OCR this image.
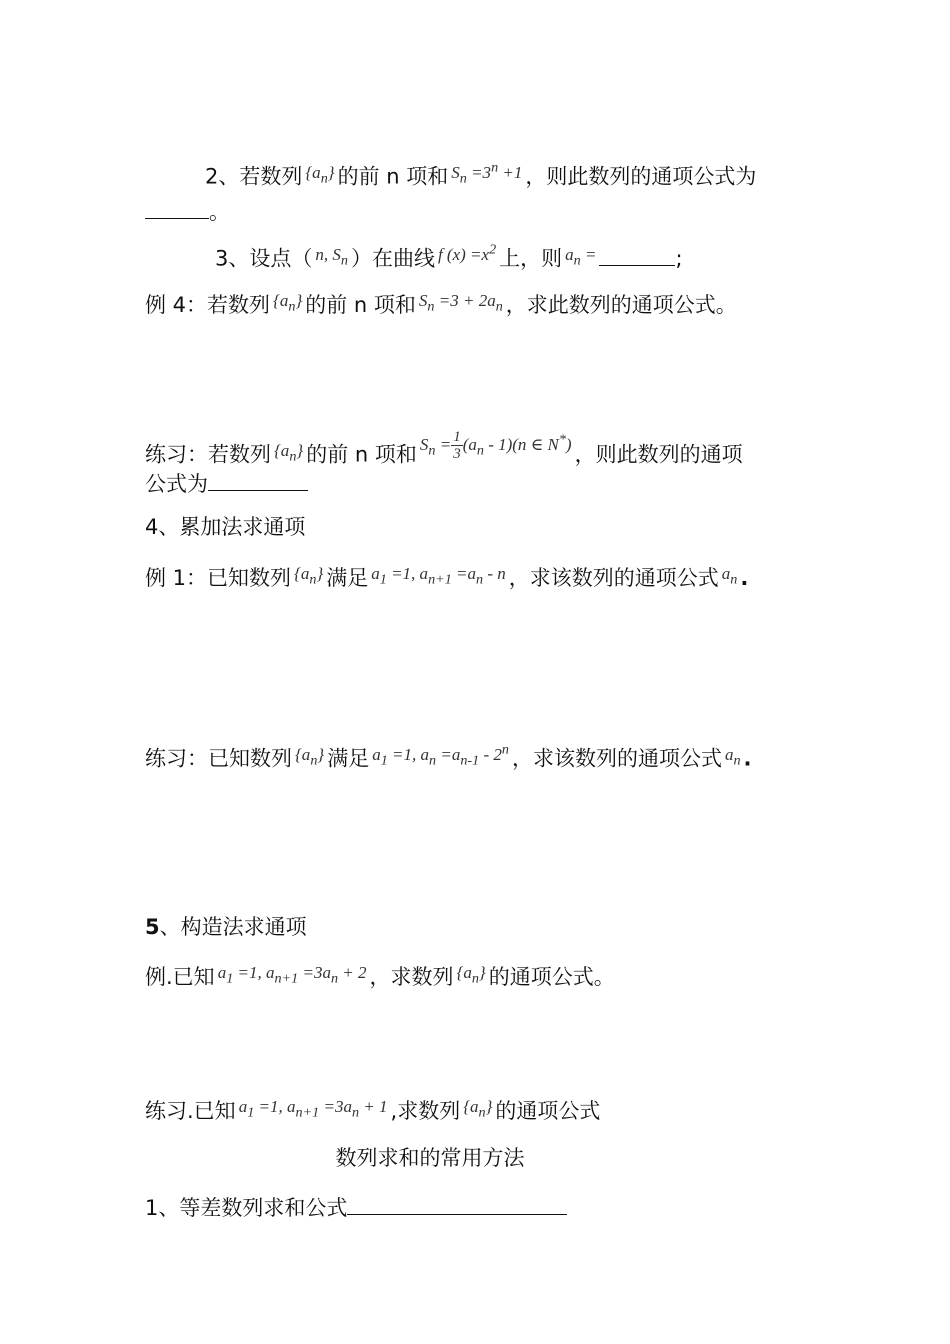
2、若数列 $^{\{a_n\}}$ 的前 n 项和 $^{S_n =3^n +1}$ ，则此数列的通项公式为
。
3、设点（ $^{n, S_n}$ ）在曲线 $^{f (x) =x^2}$ 上，则 $^{a_n =}$	;
例 4：若数列 $^{\{a_n\}}$ 的前 n 项和 $^{S_n =3 + 2a_n}$ ，求此数列的通项公式。
练习：若数列 $^{\{a_n\}}$ 的前 n 项和 $^{S_n =\frac{1}{3}(a_n - 1)(n \in N^*)}$ ，则此数列的通项
公式为
4、累加法求通项
例 1：已知数列 $^{\{a_n\}}$ 满足 $^{a_1 =1, a_{n+1} =a_n - n}$ ，求该数列的通项公式 $^{a_n}$ .
练习：已知数列 $^{\{a_n\}}$ 满足 $^{a_1 =1, a_n =a_{n-1} - 2^n}$ ，求该数列的通项公式 $^{a_n}$ .
5、构造法求通项
例.已知 $^{a_1 =1, a_{n+1} =3a_n + 2}$ ，求数列 $^{\{a_n\}}$ 的通项公式。
练习.已知 $^{a_1 =1, a_{n+1} =3a_n + 1}$ ,求数列 $^{\{a_n\}}$ 的通项公式
数列求和的常用方法
1、等差数列求和公式
